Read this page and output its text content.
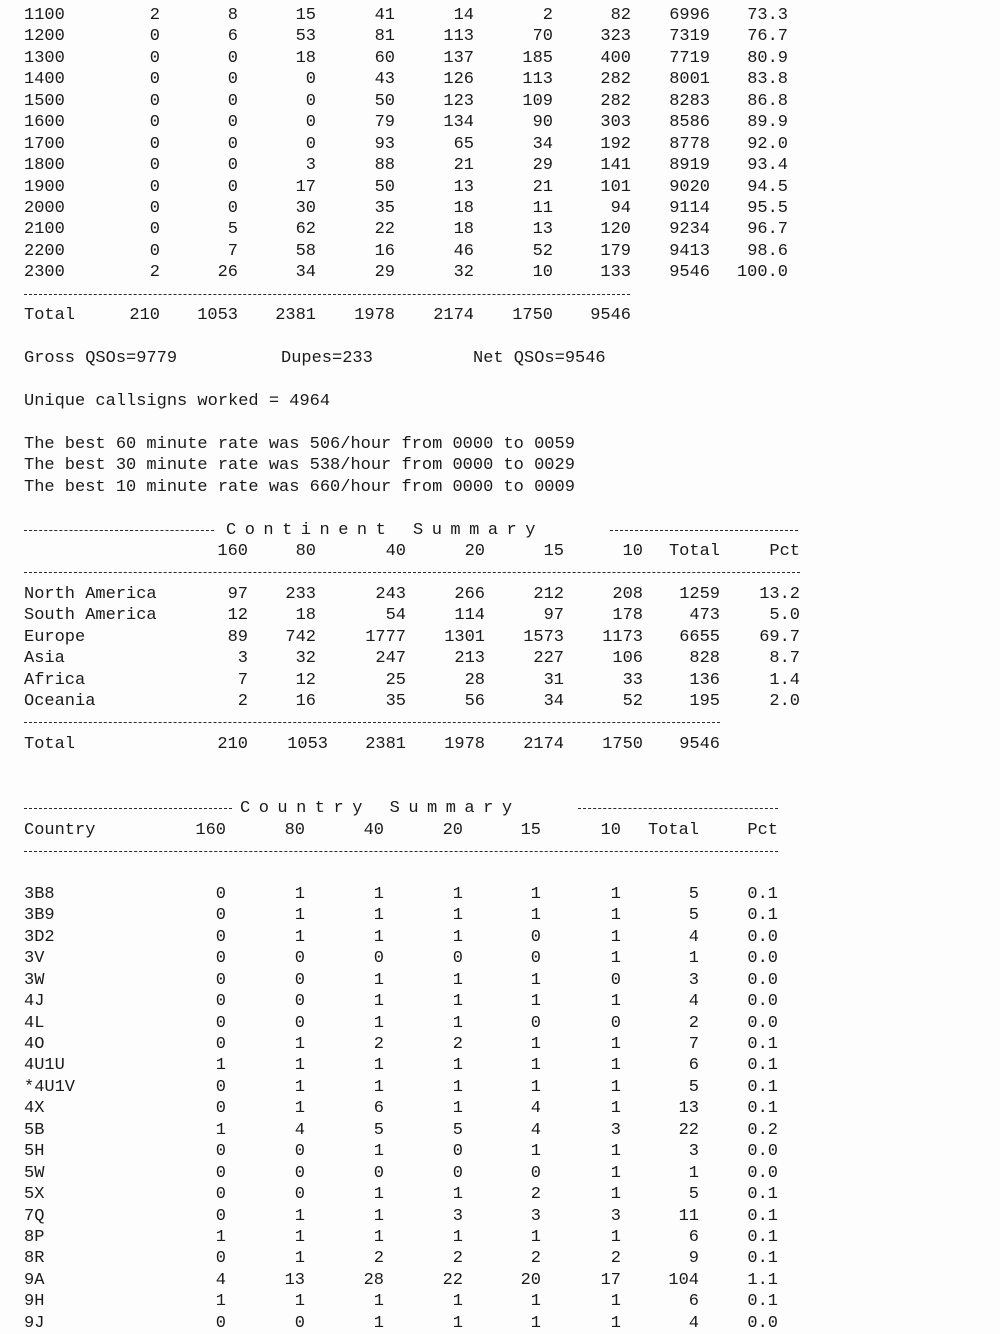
1100	2	8	15	41	14	2	82 6996 73.3
1200	0	6	53	81	113	70	323 7319 76.7
1300	0	0	18	60	137	185	400 7719 80.9
1400	0	0	0	43	126	113	282 8001 83.8
1500	0	0	0	50	123	109	282 8283 86.8
1600	0	0	0	79	134	90	303 8586 89.9
1700	0	0	0	93	65	34	192 8778 92.0
1800	0	0	3	88	21	29	141 8919 93.4
1900	0	0	17	50	13	21	101 9020 94.5
2000	0	0	30	35	18	11	94 9114 95.5
2100	0	5	62	22	18	13	120 9234 96.7
2200	0	7	58	16	46	52	179 9413 98.6
2300	2	26	34	29	32	10	133 9546 100.0
Total	210 1053 2381 1978 2174 1750 9546

Gross QSOs=9779

	Dupes=233

	Net QSOs=9546

Unique callsigns worked = 4964
The best 60 minute rate was 506/hour from 0000 to 0059
The best 30 minute rate was 538/hour from 0000 to 0029
The best 10 minute rate was 660/hour from 0000 to 0009

Continent Summary

160	80	40	20	15	10 Total	Pct
North America	97 233	243	266	212	208 1259 13.2
South America	12	18	54	114	97	178	473	5.0
Europe	89 742	1777 1301 1573 1173 6655 69.7
Asia	3	32	247	213	227	106	828	8.7
Africa	7	12	25	28	31	33	136	1.4
Oceania	2	16	35	56	34	52	195	2.0
Total	210 1053 2381 1978 2174 1750 9546

Country Summary

Country	160	80	40	20	15	10 Total	Pct
3B8	0	1	1	1	1	1	5	0.1
3B9	0	1	1	1	1	1	5	0.1
3D2	0	1	1	1	0	1	4	0.0
3V	0	0	0	0	0	1	1	0.0
3W	0	0	1	1	1	0	3	0.0
4J	0	0	1	1	1	1	4	0.0
4L	0	0	1	1	0	0	2	0.0
4O	0	1	2	2	1	1	7	0.1
4U1U	1	1	1	1	1	1	6	0.1
*4U1V	0	1	1	1	1	1	5	0.1
4X	0	1	6	1	4	1	13	0.1
5B	1	4	5	5	4	3	22	0.2
5H	0	0	1	0	1	1	3	0.0
5W	0	0	0	0	0	1	1	0.0
5X	0	0	1	1	2	1	5	0.1
7Q	0	1	1	3	3	3	11	0.1
8P	1	1	1	1	1	1	6	0.1
8R	0	1	2	2	2	2	9	0.1
9A	4	13	28	22	20	17	104	1.1
9H	1	1	1	1	1	1	6	0.1
9J	0	0	1	1	1	1	4	0.0
